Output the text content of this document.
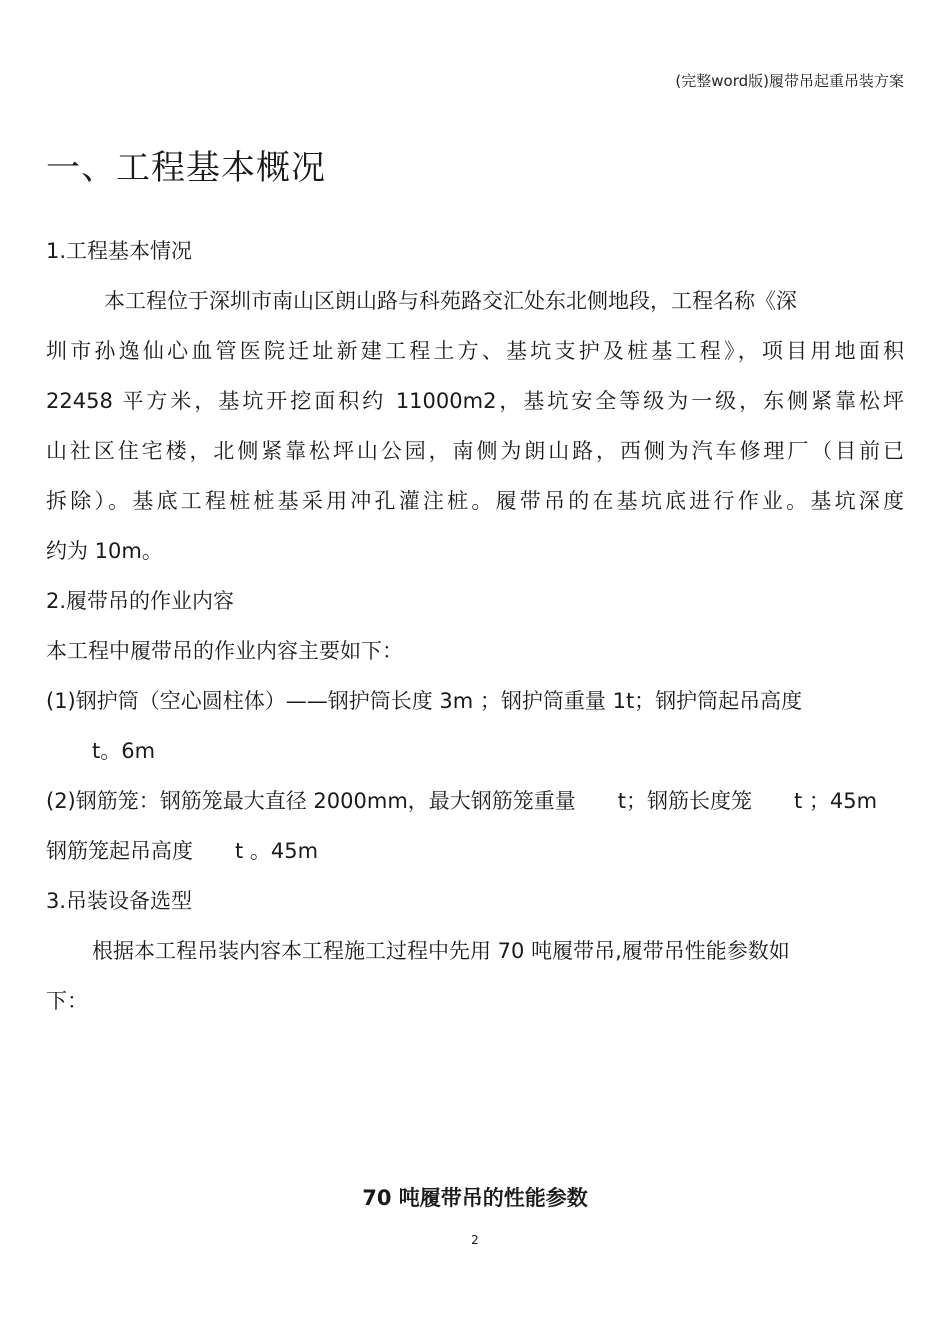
(完整word版)履带吊起重吊装方案
一、工程基本概况
1.工程基本情况
本工程位于深圳市南山区朗山路与科苑路交汇处东北侧地段，工程名称《深
圳市孙逸仙心血管医院迁址新建工程土方、基坑支护及桩基工程》，项目用地面积
22458 平方米，基坑开挖面积约 11000m2，基坑安全等级为一级，东侧紧靠松坪
山社区住宅楼，北侧紧靠松坪山公园，南侧为朗山路，西侧为汽车修理厂（目前已
拆除）。基底工程桩桩基采用冲孔灌注桩。履带吊的在基坑底进行作业。基坑深度
约为 10m。
2.履带吊的作业内容
本工程中履带吊的作业内容主要如下：
(1)钢护筒（空心圆柱体）——钢护筒长度 3m ；钢护筒重量 1t；钢护筒起吊高度
t。6m
(2)钢筋笼：钢筋笼最大直径 2000mm，最大钢筋笼重量　　t；钢筋长度笼　　t ；45m
钢筋笼起吊高度　　t 。45m
3.吊装设备选型
根据本工程吊装内容本工程施工过程中先用 70 吨履带吊,履带吊性能参数如
下：
70 吨履带吊的性能参数
2
